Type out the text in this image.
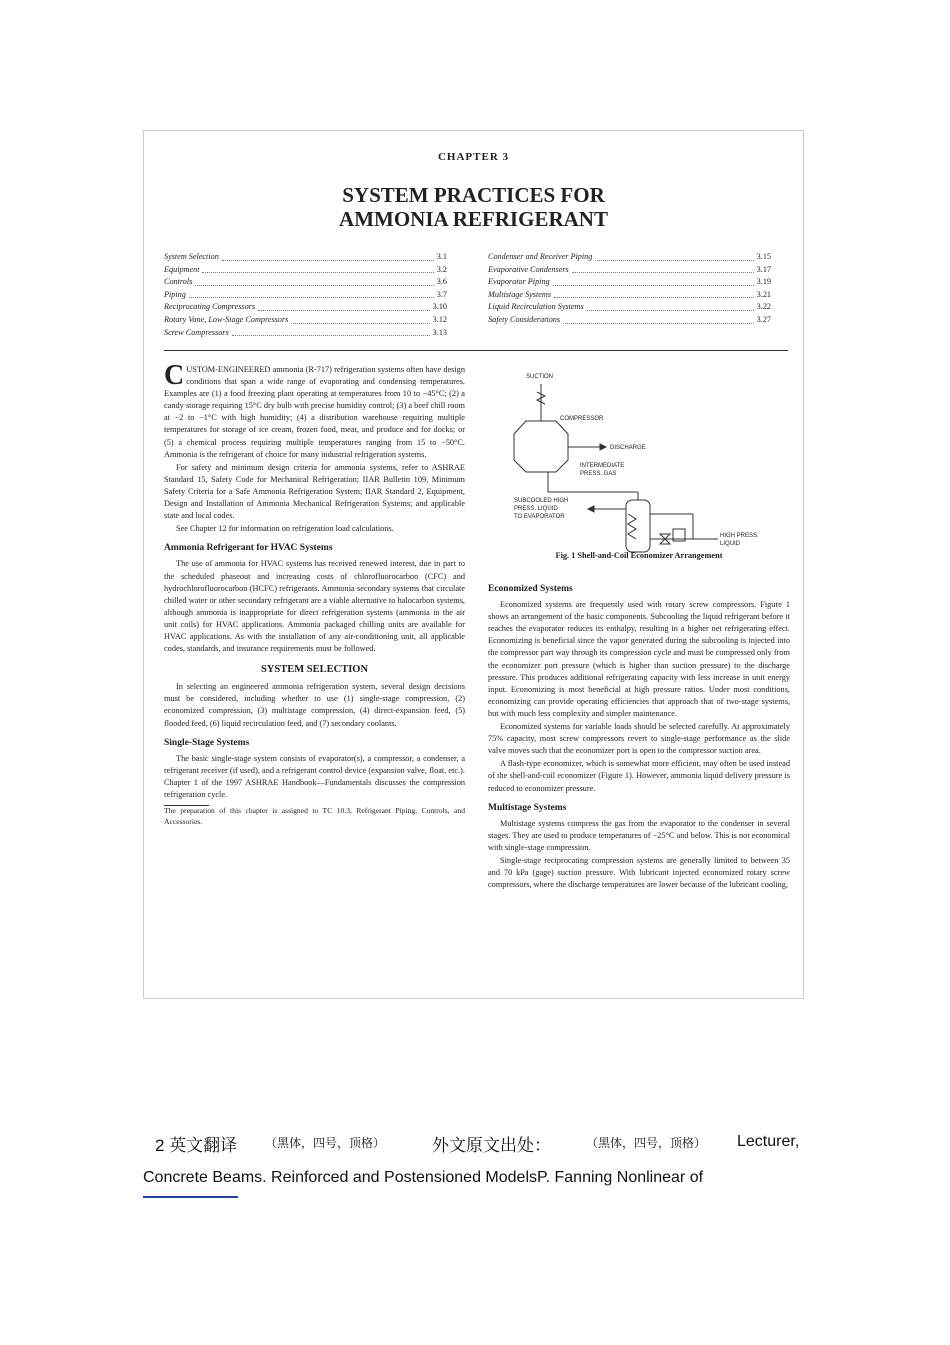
CHAPTER 3
SYSTEM PRACTICES FOR
AMMONIA REFRIGERANT
System Selection	3.1
Equipment	3.2
Controls	3.6
Piping	3.7
Reciprocating Compressors	3.10
Rotary Vane, Low-Stage Compressors	3.12
Screw Compressors	3.13
Condenser and Receiver Piping	3.15
Evaporative Condensers	3.17
Evaporator Piping	3.19
Multistage Systems	3.21
Liquid Recirculation Systems	3.22
Safety Considerations	3.27

CUSTOM-ENGINEERED ammonia (R-717) refrigeration systems often have design conditions that span a wide range of evaporating and condensing temperatures. Examples are (1) a food freezing plant operating at temperatures from 10 to −45°C; (2) a candy storage requiring 15°C dry bulb with precise humidity control; (3) a beef chill room at −2 to −1°C with high humidity; (4) a distribution warehouse requiring multiple temperatures for storage of ice cream, frozen food, meat, and produce and for docks; or (5) a chemical process requiring multiple temperatures ranging from 15 to −50°C. Ammonia is the refrigerant of choice for many industrial refrigeration systems.

For safety and minimum design criteria for ammonia systems, refer to ASHRAE Standard 15, Safety Code for Mechanical Refrigeration; IIAR Bulletin 109, Minimum Safety Criteria for a Safe Ammonia Refrigeration System; IIAR Standard 2, Equipment, Design and Installation of Ammonia Mechanical Refrigeration Systems; and applicable state and local codes.

See Chapter 12 for information on refrigeration load calculations.

Ammonia Refrigerant for HVAC Systems

The use of ammonia for HVAC systems has received renewed interest, due in part to the scheduled phaseout and increasing costs of chlorofluorocarbon (CFC) and hydrochlorofluorocarbon (HCFC) refrigerants. Ammonia secondary systems that circulate chilled water or other secondary refrigerant are a viable alternative to halocarbon systems, although ammonia is inappropriate for direct refrigeration systems (ammonia in the air unit coils) for HVAC applications. Ammonia packaged chilling units are available for HVAC applications. As with the installation of any air-conditioning unit, all applicable codes, standards, and insurance requirements must be followed.

SYSTEM SELECTION

In selecting an engineered ammonia refrigeration system, several design decisions must be considered, including whether to use (1) single-stage compression, (2) economized compression, (3) multistage compression, (4) direct-expansion feed, (5) flooded feed, (6) liquid recirculation feed, and (7) secondary coolants.

Single-Stage Systems

The basic single-stage system consists of evaporator(s), a compressor, a condenser, a refrigerant receiver (if used), and a refrigerant control device (expansion valve, float, etc.). Chapter 1 of the 1997 ASHRAE Handbook—Fundamentals discusses the compression refrigeration cycle.

The preparation of this chapter is assigned to TC 10.3, Refrigerant Piping, Controls, and Accessories.

SUCTION
COMPRESSOR
DISCHARGE
INTERMEDIATE
PRESS. GAS
SUBCOOLED HIGH
PRESS. LIQUID
TO EVAPORATOR
HIGH PRESS.
LIQUID
Fig. 1 Shell-and-Coil Economizer Arrangement
Economized Systems

Economized systems are frequently used with rotary screw compressors. Figure 1 shows an arrangement of the basic components. Subcooling the liquid refrigerant before it reaches the evaporator reduces its enthalpy, resulting in a higher net refrigerating effect. Economizing is beneficial since the vapor generated during the subcooling is injected into the compressor part way through its compression cycle and must be compressed only from the economizer port pressure (which is higher than suction pressure) to the discharge pressure. This produces additional refrigerating capacity with less increase in unit energy input. Economizing is most beneficial at high pressure ratios. Under most conditions, economizing can provide operating efficiencies that approach that of two-stage systems, but with much less complexity and simpler maintenance.

Economized systems for variable loads should be selected carefully. At approximately 75% capacity, most screw compressors revert to single-stage performance as the slide valve moves such that the economizer port is open to the compressor suction area.

A flash-type economizer, which is somewhat more efficient, may often be used instead of the shell-and-coil economizer (Figure 1). However, ammonia liquid delivery pressure is reduced to economizer pressure.

Multistage Systems

Multistage systems compress the gas from the evaporator to the condenser in several stages. They are used to produce temperatures of −25°C and below. This is not economical with single-stage compression.

Single-stage reciprocating compression systems are generally limited to between 35 and 70 kPa (gage) suction pressure. With lubricant injected economized rotary screw compressors, where the discharge temperatures are lower because of the lubricant cooling,

2 英文翻译 （黑体，四号，顶格）	外文原文出处：	（黑体，四号，顶格） Lecturer,
Concrete Beams. Reinforced and Postensioned ModelsP. Fanning Nonlinear of
